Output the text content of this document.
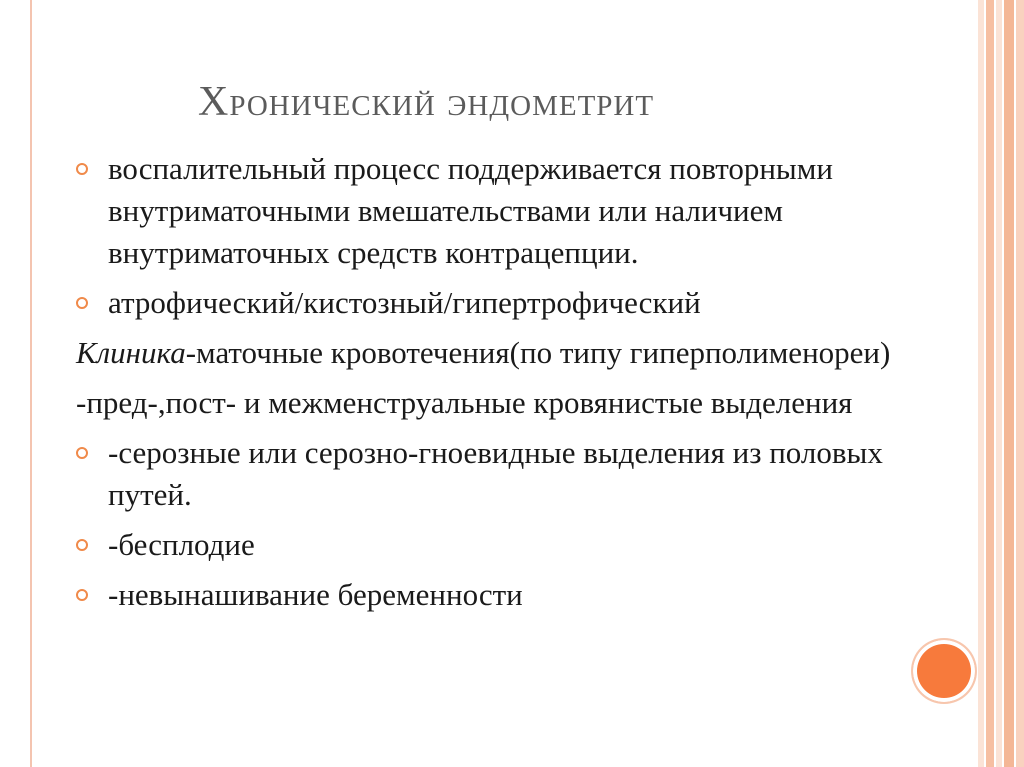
Хронический эндометрит

воспалительный процесс поддерживается повторными внутриматочными вмешательствами или наличием внутриматочных средств контрацепции.

атрофический/кистозный/гипертрофический

Клиника-маточные кровотечения(по типу гиперполименореи)

-пред-,пост- и межменструальные кровянистые выделения

-серозные или серозно-гноевидные выделения из половых путей.

-бесплодие

-невынашивание беременности
